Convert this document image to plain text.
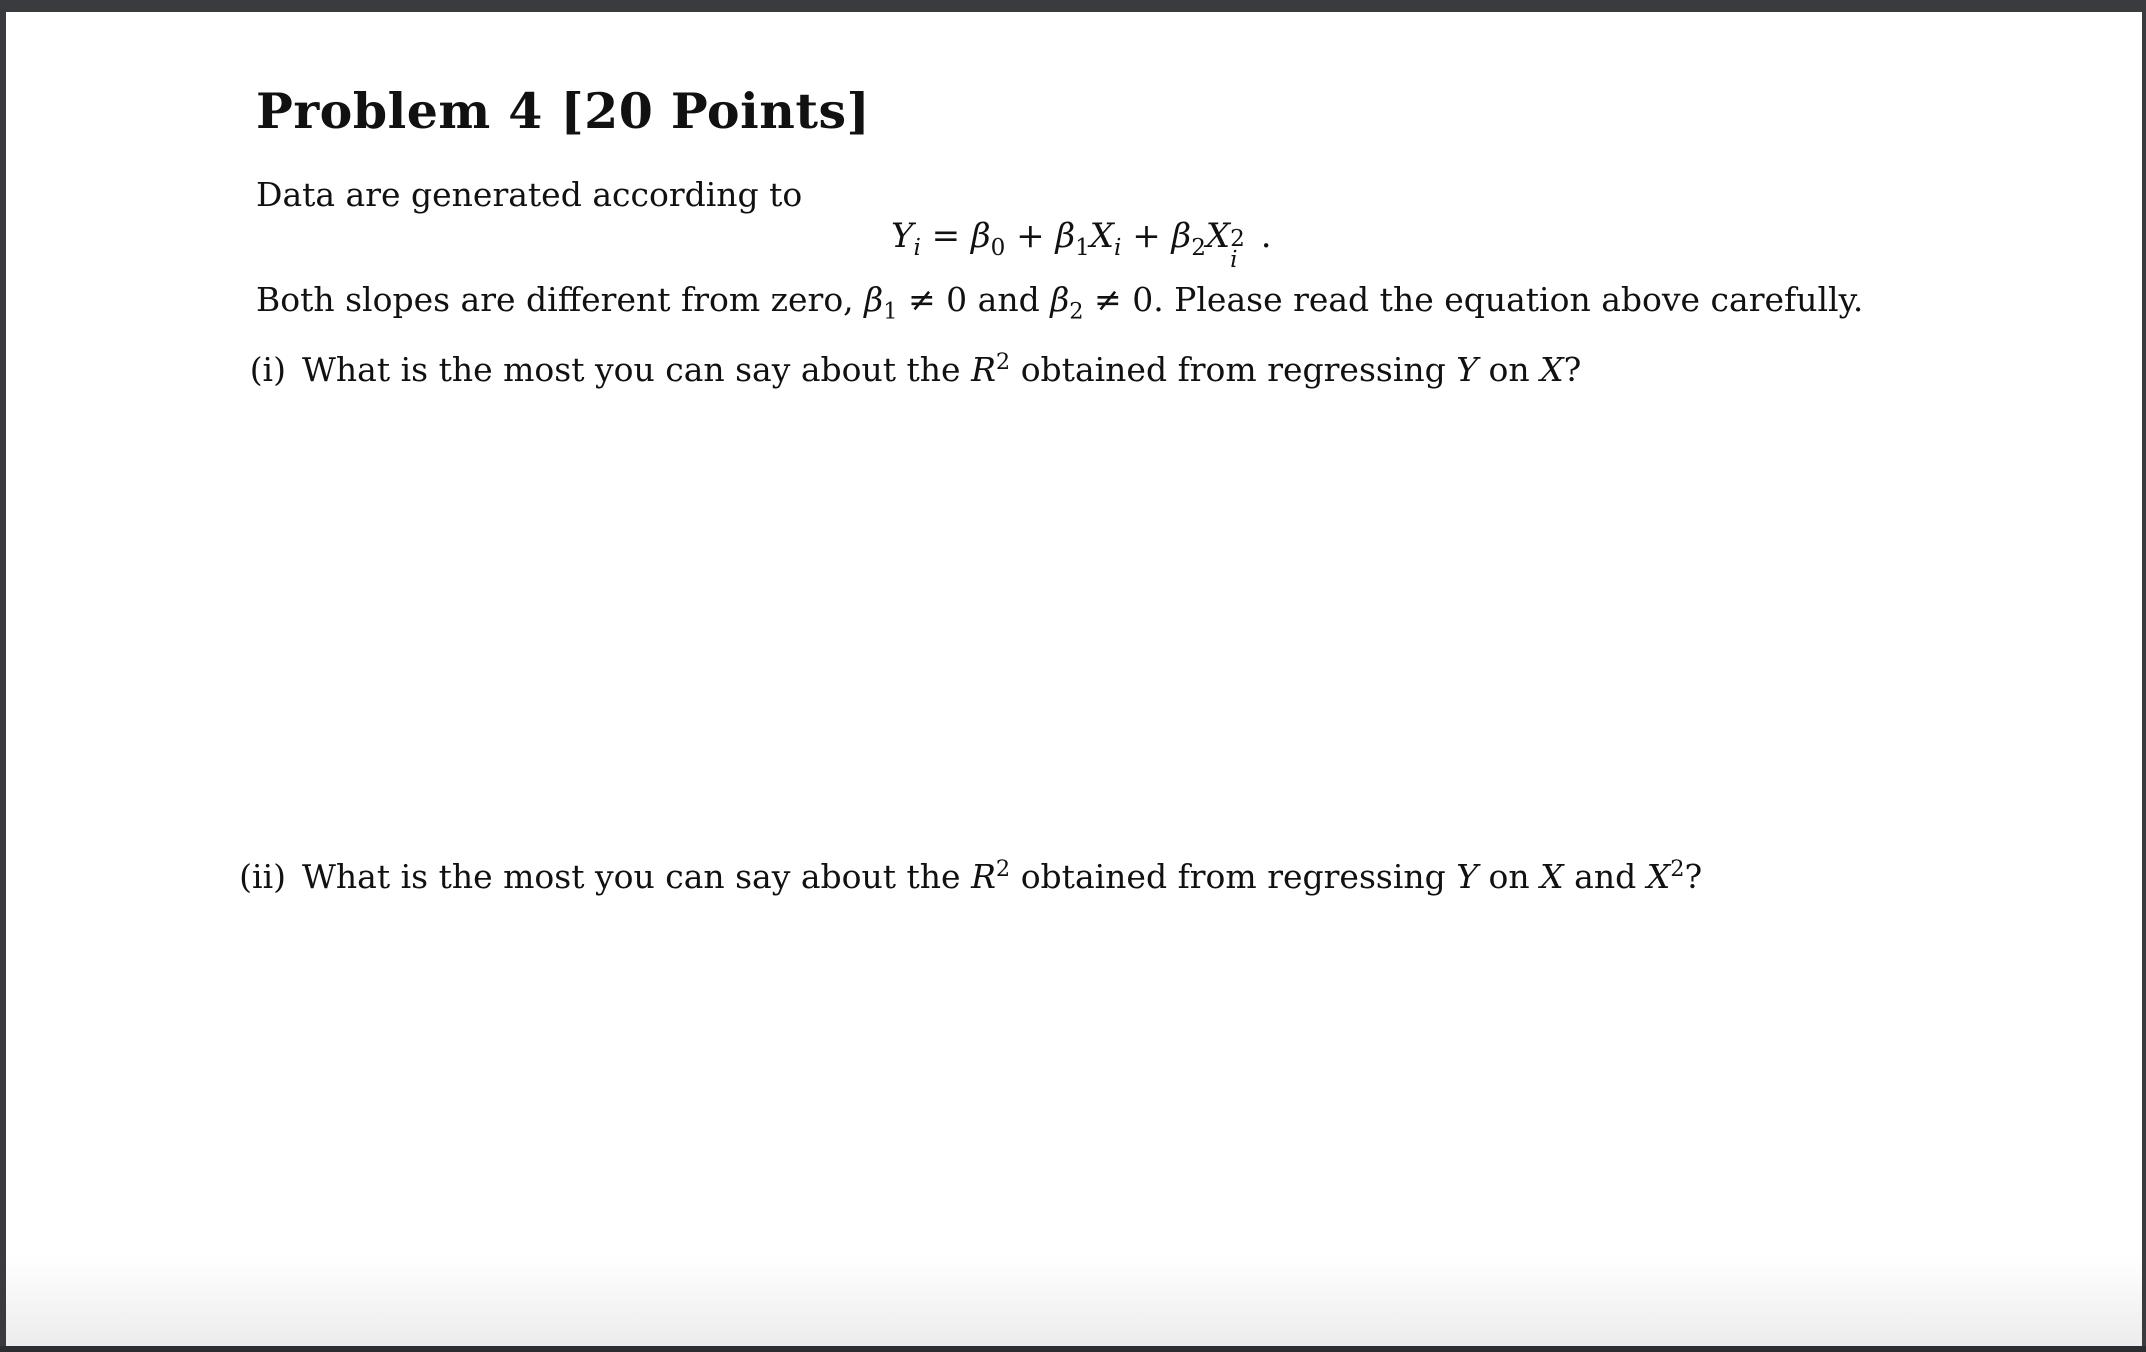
Problem 4 [20 Points]
Data are generated according to
$Y_i = \beta_0 + \beta_1X_i + \beta_2X$ 2
i
.
Both slopes are different from zero, $\beta_1 \ne 0$ and $\beta_2 \ne 0$. Please read the equation above carefully.
(i) What is the most you can say about the $R^2$ obtained from regressing Y on X?
(ii) What is the most you can say about the $R^2$ obtained from regressing Y on X and $X^2$?
